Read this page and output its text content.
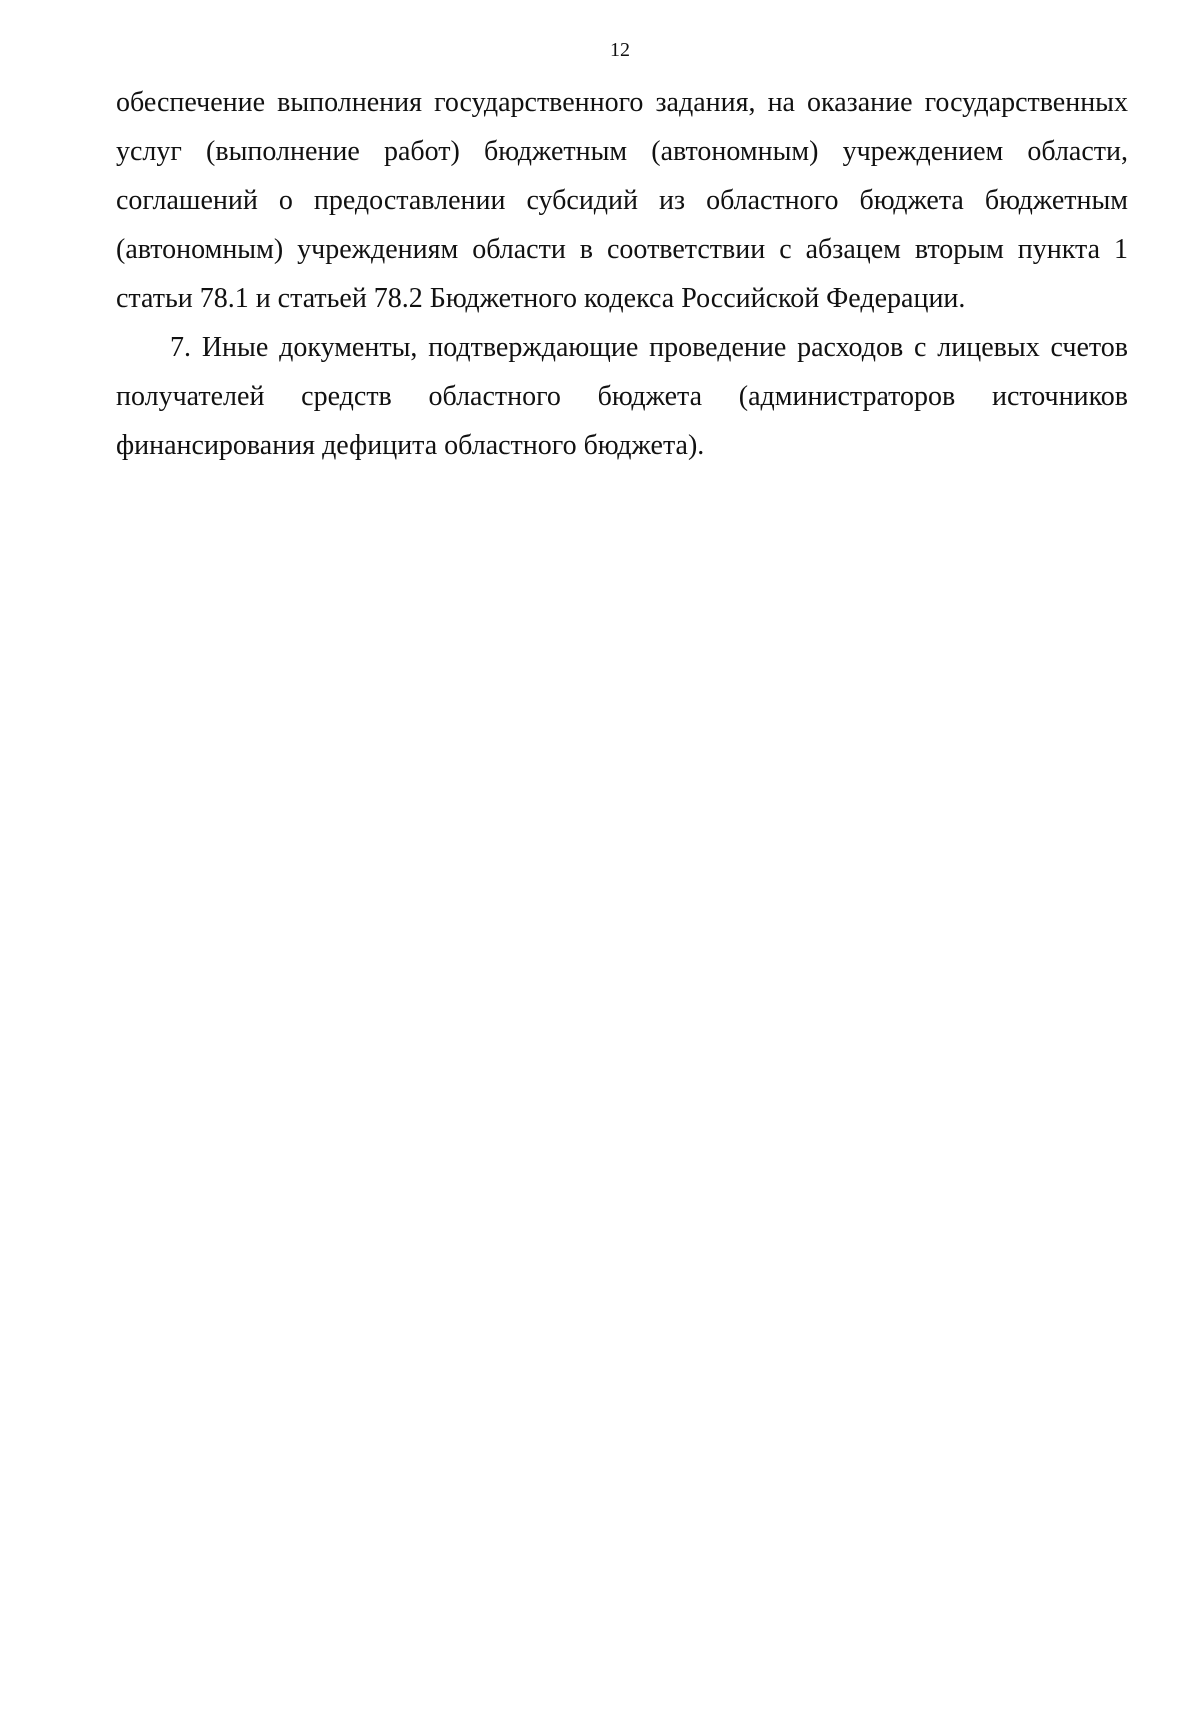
12

обеспечение выполнения государственного задания, на оказание государственных услуг (выполнение работ) бюджетным (автономным) учреждением области, соглашений о предоставлении субсидий из областного бюджета бюджетным (автономным) учреждениям области в соответствии с абзацем вторым пункта 1 статьи 78.1 и статьей 78.2 Бюджетного кодекса Российской Федерации.

7. Иные документы, подтверждающие проведение расходов с лицевых счетов получателей средств областного бюджета (администраторов источников финансирования дефицита областного бюджета).
